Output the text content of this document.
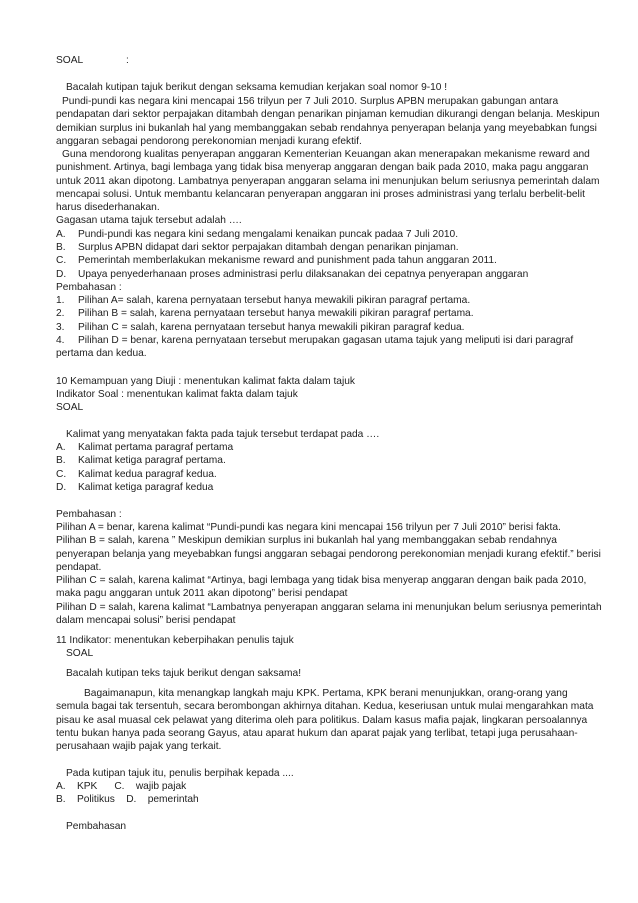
SOAL	:
Bacalah kutipan tajuk berikut dengan seksama kemudian kerjakan soal nomor 9-10 !
Pundi-pundi kas negara kini mencapai 156 trilyun per 7 Juli 2010. Surplus APBN merupakan gabungan antara
pendapatan dari sektor perpajakan ditambah dengan penarikan pinjaman kemudian dikurangi dengan belanja. Meskipun
demikian surplus ini bukanlah hal yang membanggakan sebab rendahnya penyerapan belanja yang meyebabkan fungsi
anggaran sebagai pendorong perekonomian menjadi kurang efektif.
Guna mendorong kualitas penyerapan anggaran Kementerian Keuangan akan menerapakan mekanisme reward and
punishment. Artinya, bagi lembaga yang tidak bisa menyerap anggaran dengan baik pada 2010, maka pagu anggaran
untuk 2011 akan dipotong. Lambatnya penyerapan anggaran selama ini menunjukan belum seriusnya pemerintah dalam
mencapai solusi. Untuk membantu kelancaran penyerapan anggaran ini proses administrasi yang terlalu berbelit-belit
harus disederhanakan.
Gagasan utama tajuk tersebut adalah ….
A. Pundi-pundi kas negara kini sedang mengalami kenaikan puncak padaa 7 Juli 2010.
B. Surplus APBN didapat dari sektor perpajakan ditambah dengan penarikan pinjaman.
C. Pemerintah memberlakukan mekanisme reward and punishment pada tahun anggaran 2011.
D. Upaya penyederhanaan proses administrasi perlu dilaksanakan dei cepatnya penyerapan anggaran
Pembahasan :
1. Pilihan A= salah, karena pernyataan tersebut hanya mewakili pikiran paragraf pertama.
2. Pilihan B = salah, karena pernyataan tersebut hanya mewakili pikiran paragraf pertama.
3. Pilihan C = salah, karena pernyataan tersebut hanya mewakili pikiran paragraf kedua.
4. Pilihan D = benar, karena pernyataan tersebut merupakan gagasan utama tajuk yang meliputi isi dari paragraf
pertama dan kedua.
10 Kemampuan yang Diuji : menentukan kalimat fakta dalam tajuk
Indikator Soal : menentukan kalimat fakta dalam tajuk
SOAL
Kalimat yang menyatakan fakta pada tajuk tersebut terdapat pada ….
A. Kalimat pertama paragraf pertama
B. Kalimat ketiga paragraf pertama.
C. Kalimat kedua paragraf kedua.
D. Kalimat ketiga paragraf kedua
Pembahasan :
Pilihan A = benar, karena kalimat “Pundi-pundi kas negara kini mencapai 156 trilyun per 7 Juli 2010” berisi fakta.
Pilihan B = salah, karena ” Meskipun demikian surplus ini bukanlah hal yang membanggakan sebab rendahnya
penyerapan belanja yang meyebabkan fungsi anggaran sebagai pendorong perekonomian menjadi kurang efektif.” berisi
pendapat.
Pilihan C = salah, karena kalimat “Artinya, bagi lembaga yang tidak bisa menyerap anggaran dengan baik pada 2010,
maka pagu anggaran untuk 2011 akan dipotong” berisi pendapat
Pilihan D = salah, karena kalimat “Lambatnya penyerapan anggaran selama ini menunjukan belum seriusnya pemerintah
dalam mencapai solusi” berisi pendapat
11 Indikator: menentukan keberpihakan penulis tajuk
SOAL
Bacalah kutipan teks tajuk berikut dengan saksama!
Bagaimanapun, kita menangkap langkah maju KPK. Pertama, KPK berani menunjukkan, orang-orang yang
semula bagai tak tersentuh, secara berombongan akhirnya ditahan. Kedua, keseriusan untuk mulai mengarahkan mata
pisau ke asal muasal cek pelawat yang diterima oleh para politikus. Dalam kasus mafia pajak, lingkaran persoalannya
tentu bukan hanya pada seorang Gayus, atau aparat hukum dan aparat pajak yang terlibat, tetapi juga perusahaan-
perusahaan wajib pajak yang terkait.
Pada kutipan tajuk itu, penulis berpihak kepada ....
A.    KPK      C.    wajib pajak
B.    Politikus    D.    pemerintah
Pembahasan
